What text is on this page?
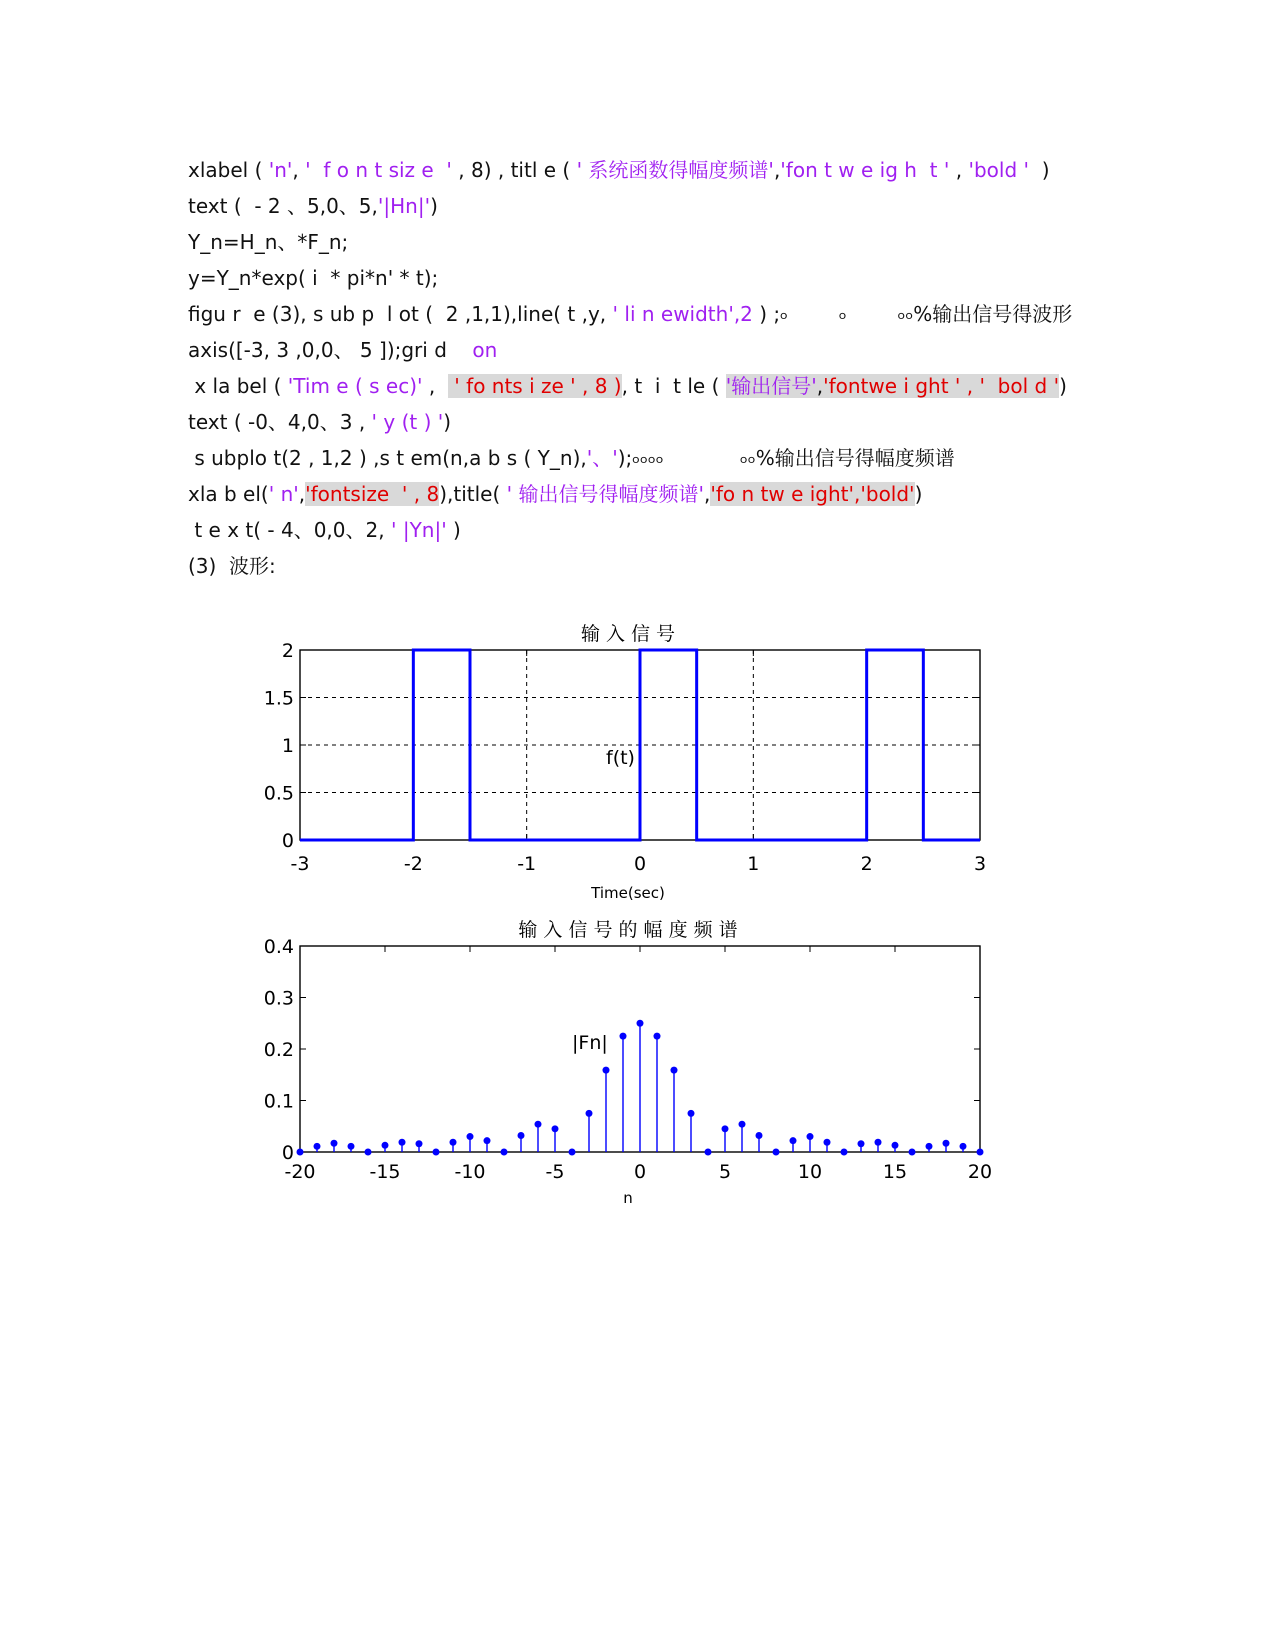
xlabel ( 'n', '  f o n t siz e  ' , 8) , titl e ( ' 系统函数得幅度频谱','fon t w e ig h  t ' , 'bold '  )
text (  - 2 、5,0、5,'|Hn|')
Y_n=H_n、*F_n;
y=Y_n*exp( i  * pi*n' * t);
figu r  e (3), s ub p  l ot (  2 ,1,1),line( t ,y, ' li n ewidth',2 ) ;৹        ৹        ৹৹%输出信号得波形
axis([-3, 3 ,0,0、 5 ]);gri d    on
x la bel ( 'Tim e ( s ec)' ,   ' fo nts i ze ' , 8 ), t  i  t le ( '输出信号','fontwe i ght ' , '  bol d ')
text ( -0、4,0、3 , ' y (t ) ')
s ubplo t(2 , 1,2 ) ,s t em(n,a b s ( Y_n),'、');৹৹৹৹            ৹৹%输出信号得幅度频谱
xla b el(' n','fontsize  ' , 8),title( ' 输出信号得幅度频谱','fo n tw e ight','bold')
t e x t( - 4、0,0、2, ' |Yn|' )
(3)  波形:
-3	-2	-1	0	1	2	3
0
0.5
1
1.5
2
输 入 信 号
Time(sec)
f(t)
-20	-15	-10	-5	0	5	10	15	20
0
0.1
0.2
0.3
0.4
输 入 信 号 的 幅 度 频 谱
n
|Fn|
